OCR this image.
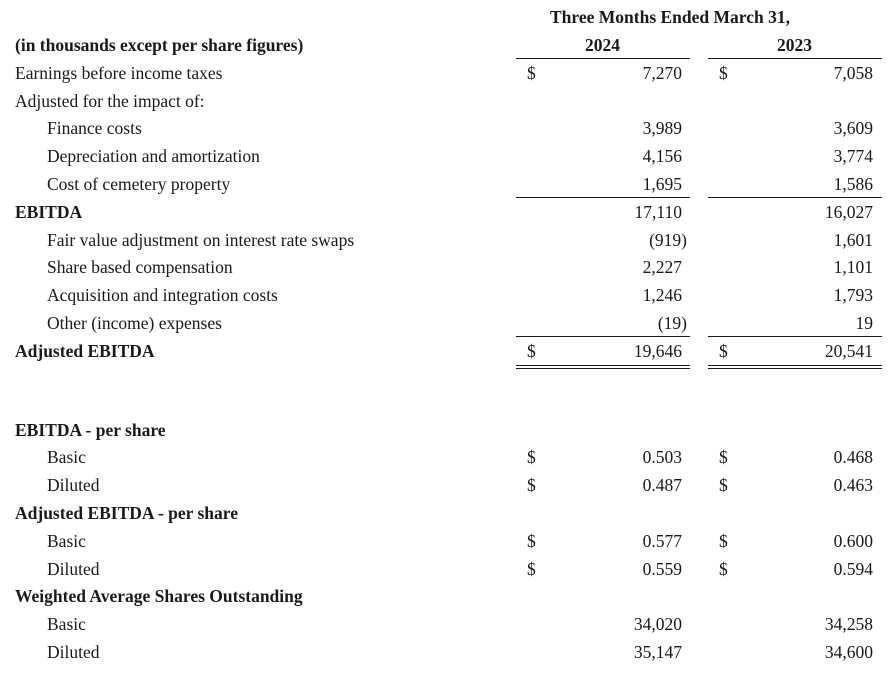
Three Months Ended March 31,
(in thousands except per share figures)	2024	2023
Earnings before income taxes	$	7,270 $	7,058
Adjusted for the impact of:
Finance costs	3,989	3,609
Depreciation and amortization	4,156	3,774
Cost of cemetery property	1,695	1,586
EBITDA	17,110	16,027
Fair value adjustment on interest rate swaps	(919)	1,601
Share based compensation	2,227	1,101
Acquisition and integration costs	1,246	1,793
Other (income) expenses	(19)	19
Adjusted EBITDA	$	19,646 $	20,541
EBITDA - per share
Basic	$	0.503 $	0.468
Diluted	$	0.487 $	0.463
Adjusted EBITDA - per share
Basic	$	0.577 $	0.600
Diluted	$	0.559 $	0.594
Weighted Average Shares Outstanding
Basic	34,020	34,258
Diluted	35,147	34,600
